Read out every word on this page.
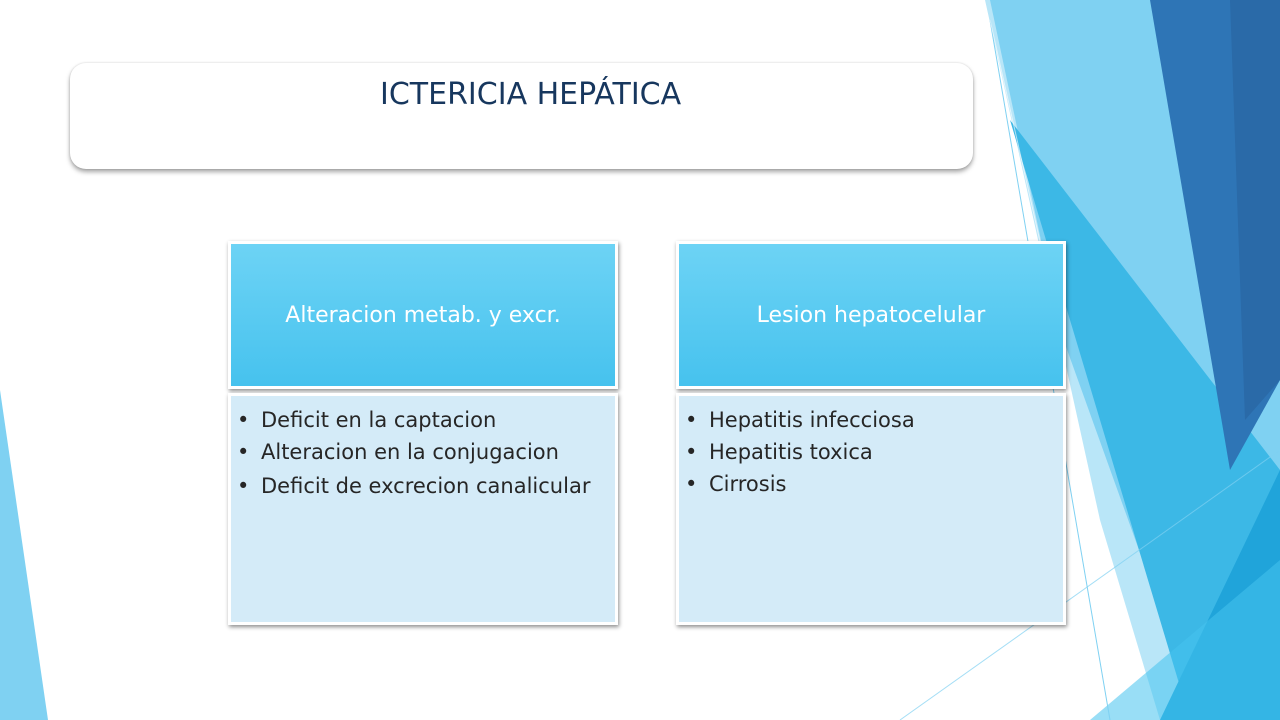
ICTERICIA HEPÁTICA
Alteracion metab. y excr.
• Deficit en la captacion
• Alteracion en la conjugacion
• Deficit de excrecion canalicular
Lesion hepatocelular
• Hepatitis infecciosa
• Hepatitis toxica
• Cirrosis
